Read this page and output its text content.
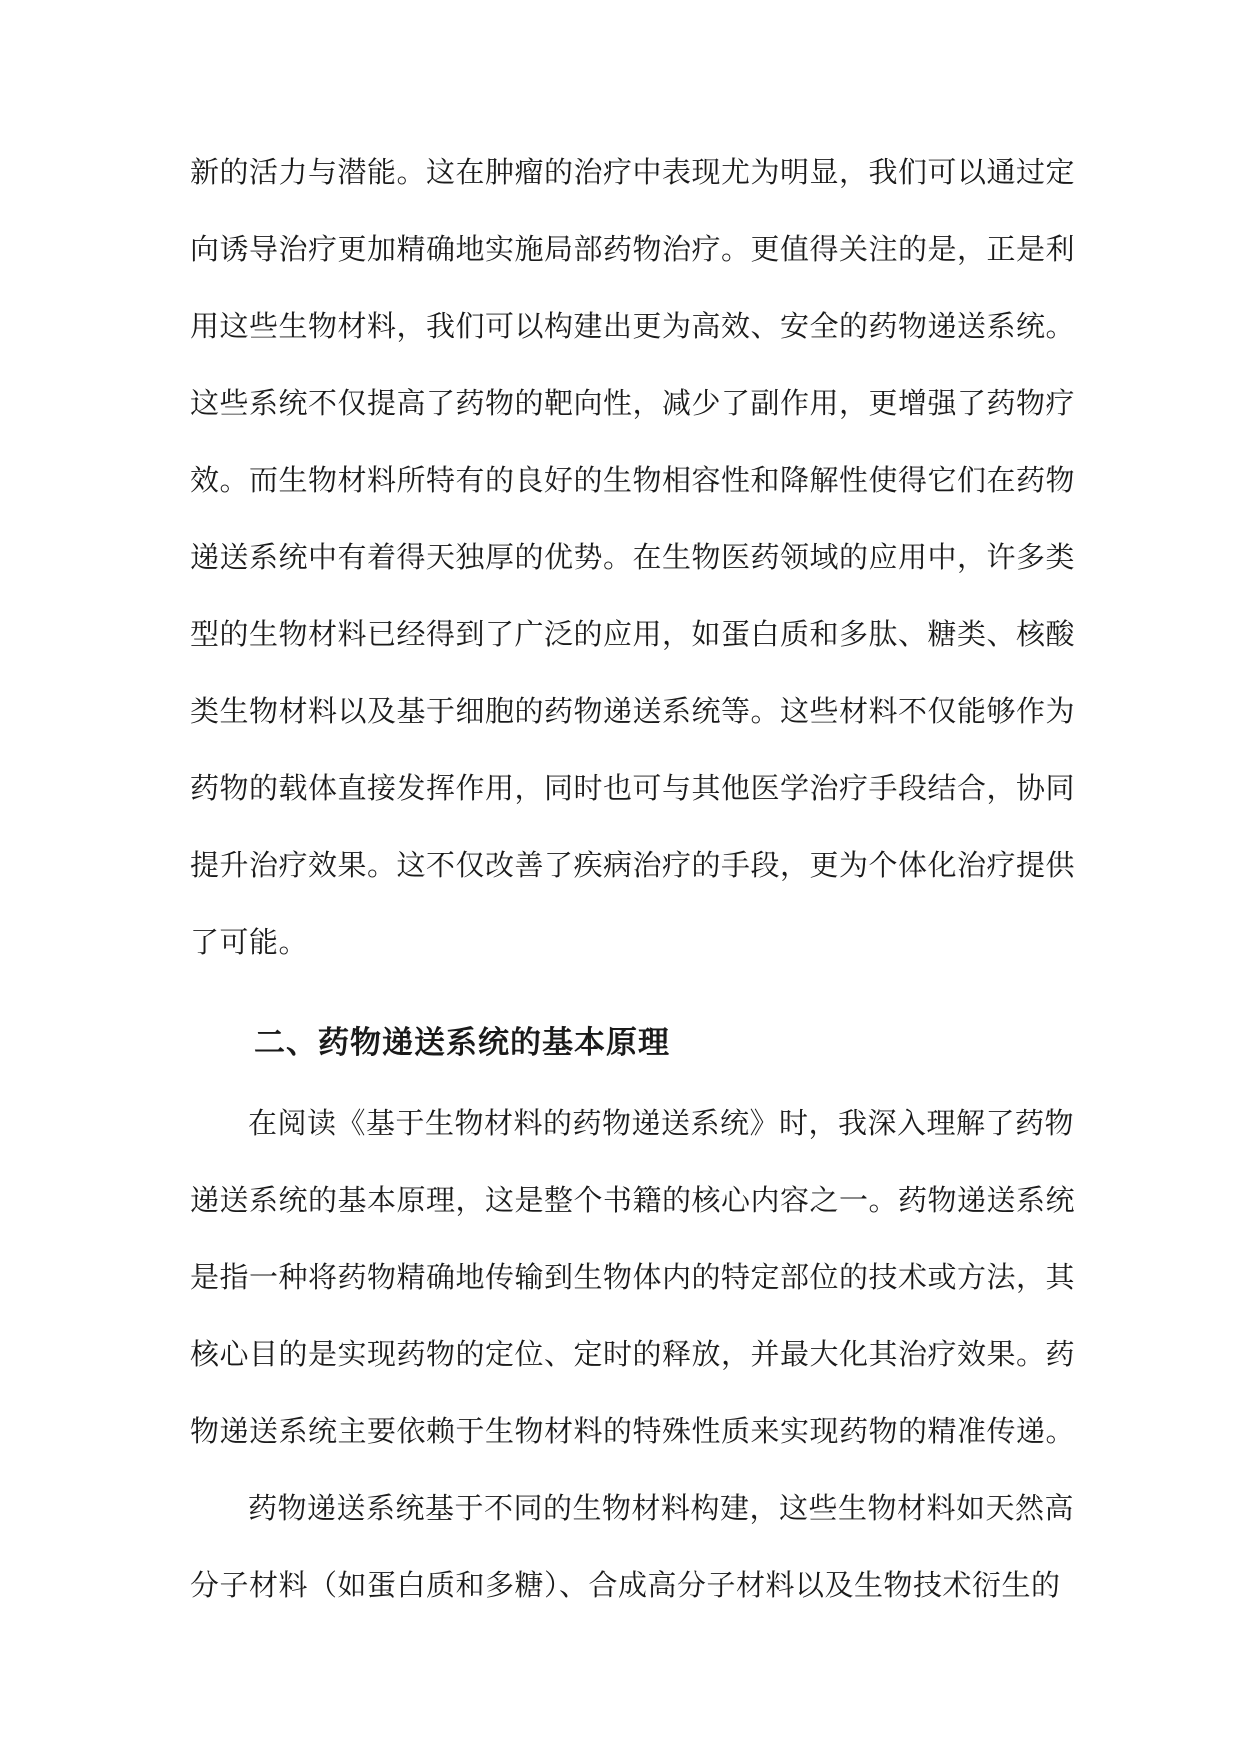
新的活力与潜能。这在肿瘤的治疗中表现尤为明显，我们可以通过定
向诱导治疗更加精确地实施局部药物治疗。更值得关注的是，正是利
用这些生物材料，我们可以构建出更为高效、安全的药物递送系统。
这些系统不仅提高了药物的靶向性，减少了副作用，更增强了药物疗
效。而生物材料所特有的良好的生物相容性和降解性使得它们在药物
递送系统中有着得天独厚的优势。在生物医药领域的应用中，许多类
型的生物材料已经得到了广泛的应用，如蛋白质和多肽、糖类、核酸
类生物材料以及基于细胞的药物递送系统等。这些材料不仅能够作为
药物的载体直接发挥作用，同时也可与其他医学治疗手段结合，协同
提升治疗效果。这不仅改善了疾病治疗的手段，更为个体化治疗提供
了可能。
二、药物递送系统的基本原理
在阅读《基于生物材料的药物递送系统》时，我深入理解了药物
递送系统的基本原理，这是整个书籍的核心内容之一。药物递送系统
是指一种将药物精确地传输到生物体内的特定部位的技术或方法，其
核心目的是实现药物的定位、定时的释放，并最大化其治疗效果。药
物递送系统主要依赖于生物材料的特殊性质来实现药物的精准传递。
药物递送系统基于不同的生物材料构建，这些生物材料如天然高
分子材料（如蛋白质和多糖）、合成高分子材料以及生物技术衍生的
